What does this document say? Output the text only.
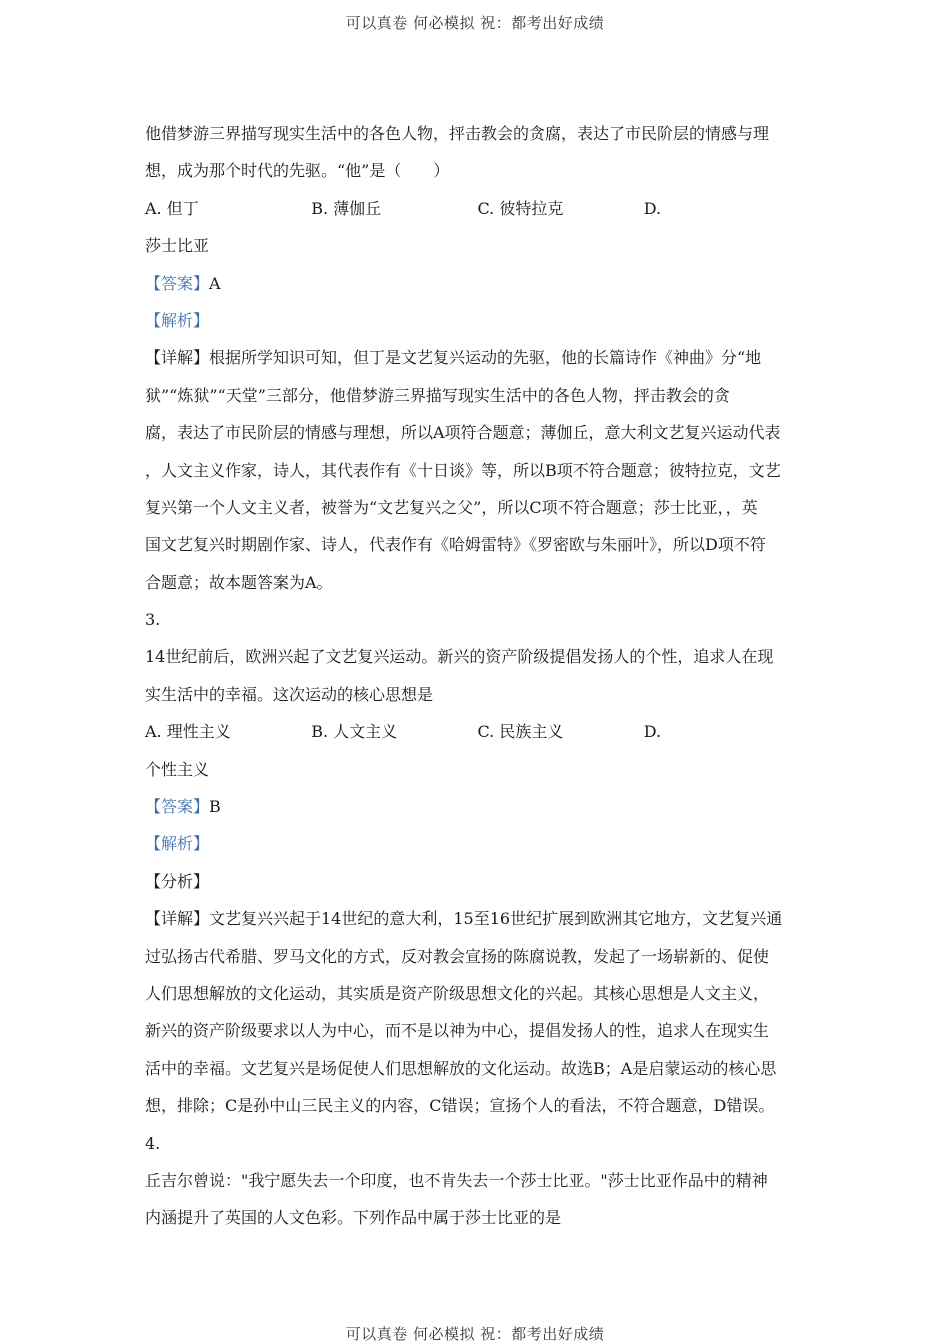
可以真卷 何必模拟 祝：都考出好成绩
他借梦游三界描写现实生活中的各色人物，抨击教会的贪腐，表达了市民阶层的情感与理
想，成为那个时代的先驱。“他”是（　　）
A. 但丁	B. 薄伽丘	C. 彼特拉克	D.
莎士比亚
【答案】A
【解析】
【详解】根据所学知识可知，但丁是文艺复兴运动的先驱，他的长篇诗作《神曲》分“地
狱”“炼狱”“天堂”三部分，他借梦游三界描写现实生活中的各色人物，抨击教会的贪
腐，表达了市民阶层的情感与理想，所以A项符合题意；薄伽丘，意大利文艺复兴运动代表
，人文主义作家，诗人，其代表作有《十日谈》等，所以B项不符合题意；彼特拉克，文艺
复兴第一个人文主义者，被誉为“文艺复兴之父”，所以C项不符合题意；莎士比亚，，英
国文艺复兴时期剧作家、诗人，代表作有《哈姆雷特》《罗密欧与朱丽叶》，所以D项不符
合题意；故本题答案为A。
3.
14世纪前后，欧洲兴起了文艺复兴运动。新兴的资产阶级提倡发扬人的个性，追求人在现
实生活中的幸福。这次运动的核心思想是
A. 理性主义	B. 人文主义	C. 民族主义	D.
个性主义
【答案】B
【解析】
【分析】
【详解】文艺复兴兴起于14世纪的意大利，15至16世纪扩展到欧洲其它地方，文艺复兴通
过弘扬古代希腊、罗马文化的方式，反对教会宣扬的陈腐说教，发起了一场崭新的、促使
人们思想解放的文化运动，其实质是资产阶级思想文化的兴起。其核心思想是人文主义，
新兴的资产阶级要求以人为中心，而不是以神为中心，提倡发扬人的性，追求人在现实生
活中的幸福。文艺复兴是场促使人们思想解放的文化运动。故选B；A是启蒙运动的核心思
想，排除；C是孙中山三民主义的内容，C错误；宣扬个人的看法，不符合题意，D错误。
4.
丘吉尔曾说："我宁愿失去一个印度，也不肯失去一个莎士比亚。"莎士比亚作品中的精神
内涵提升了英国的人文色彩。下列作品中属于莎士比亚的是
可以真卷 何必模拟 祝：都考出好成绩
